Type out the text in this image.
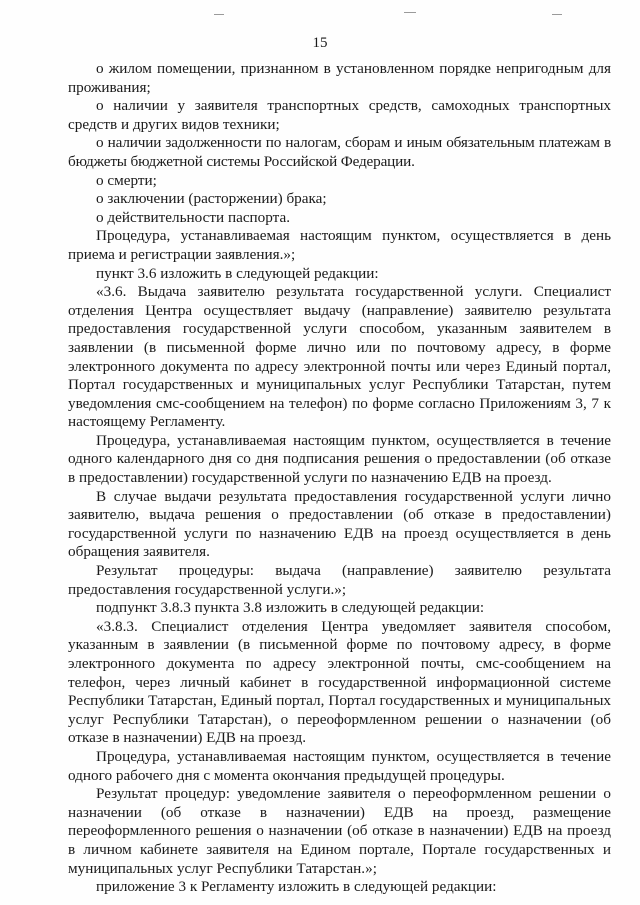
15

о жилом помещении, признанном в установленном порядке непригодным для проживания;

о наличии у заявителя транспортных средств, самоходных транспортных средств и других видов техники;

о наличии задолженности по налогам, сборам и иным обязательным платежам в бюджеты бюджетной системы Российской Федерации.

о смерти;

о заключении (расторжении) брака;

о действительности паспорта.

Процедура, устанавливаемая настоящим пунктом, осуществляется в день приема и регистрации заявления.»;

пункт 3.6 изложить в следующей редакции:

«3.6. Выдача заявителю результата государственной услуги. Специалист отделения Центра осуществляет выдачу (направление) заявителю результата предоставления государственной услуги способом, указанным заявителем в заявлении (в письменной форме лично или по почтовому адресу, в форме электронного документа по адресу электронной почты или через Единый портал, Портал государственных и муниципальных услуг Республики Татарстан, путем уведомления смс-сообщением на телефон) по форме согласно Приложениям 3, 7 к настоящему Регламенту.

Процедура, устанавливаемая настоящим пунктом, осуществляется в течение одного календарного дня со дня подписания решения о предоставлении (об отказе в предоставлении) государственной услуги по назначению ЕДВ на проезд.

В случае выдачи результата предоставления государственной услуги лично заявителю, выдача решения о предоставлении (об отказе в предоставлении) государственной услуги по назначению ЕДВ на проезд осуществляется в день обращения заявителя.

Результат процедуры: выдача (направление) заявителю результата предоставления государственной услуги.»;

подпункт 3.8.3 пункта 3.8 изложить в следующей редакции:

«3.8.3. Специалист отделения Центра уведомляет заявителя способом, указанным в заявлении (в письменной форме по почтовому адресу, в форме электронного документа по адресу электронной почты, смс-сообщением на телефон, через личный кабинет в государственной информационной системе Республики Татарстан, Единый портал, Портал государственных и муниципальных услуг Республики Татарстан), о переоформленном решении о назначении (об отказе в назначении) ЕДВ на проезд.

Процедура, устанавливаемая настоящим пунктом, осуществляется в течение одного рабочего дня с момента окончания предыдущей процедуры.

Результат процедур: уведомление заявителя о переоформленном решении о назначении (об отказе в назначении) ЕДВ на проезд, размещение переоформленного решения о назначении (об отказе в назначении) ЕДВ на проезд в личном кабинете заявителя на Едином портале, Портале государственных и муниципальных услуг Республики Татарстан.»;

приложение 3 к Регламенту изложить в следующей редакции:
